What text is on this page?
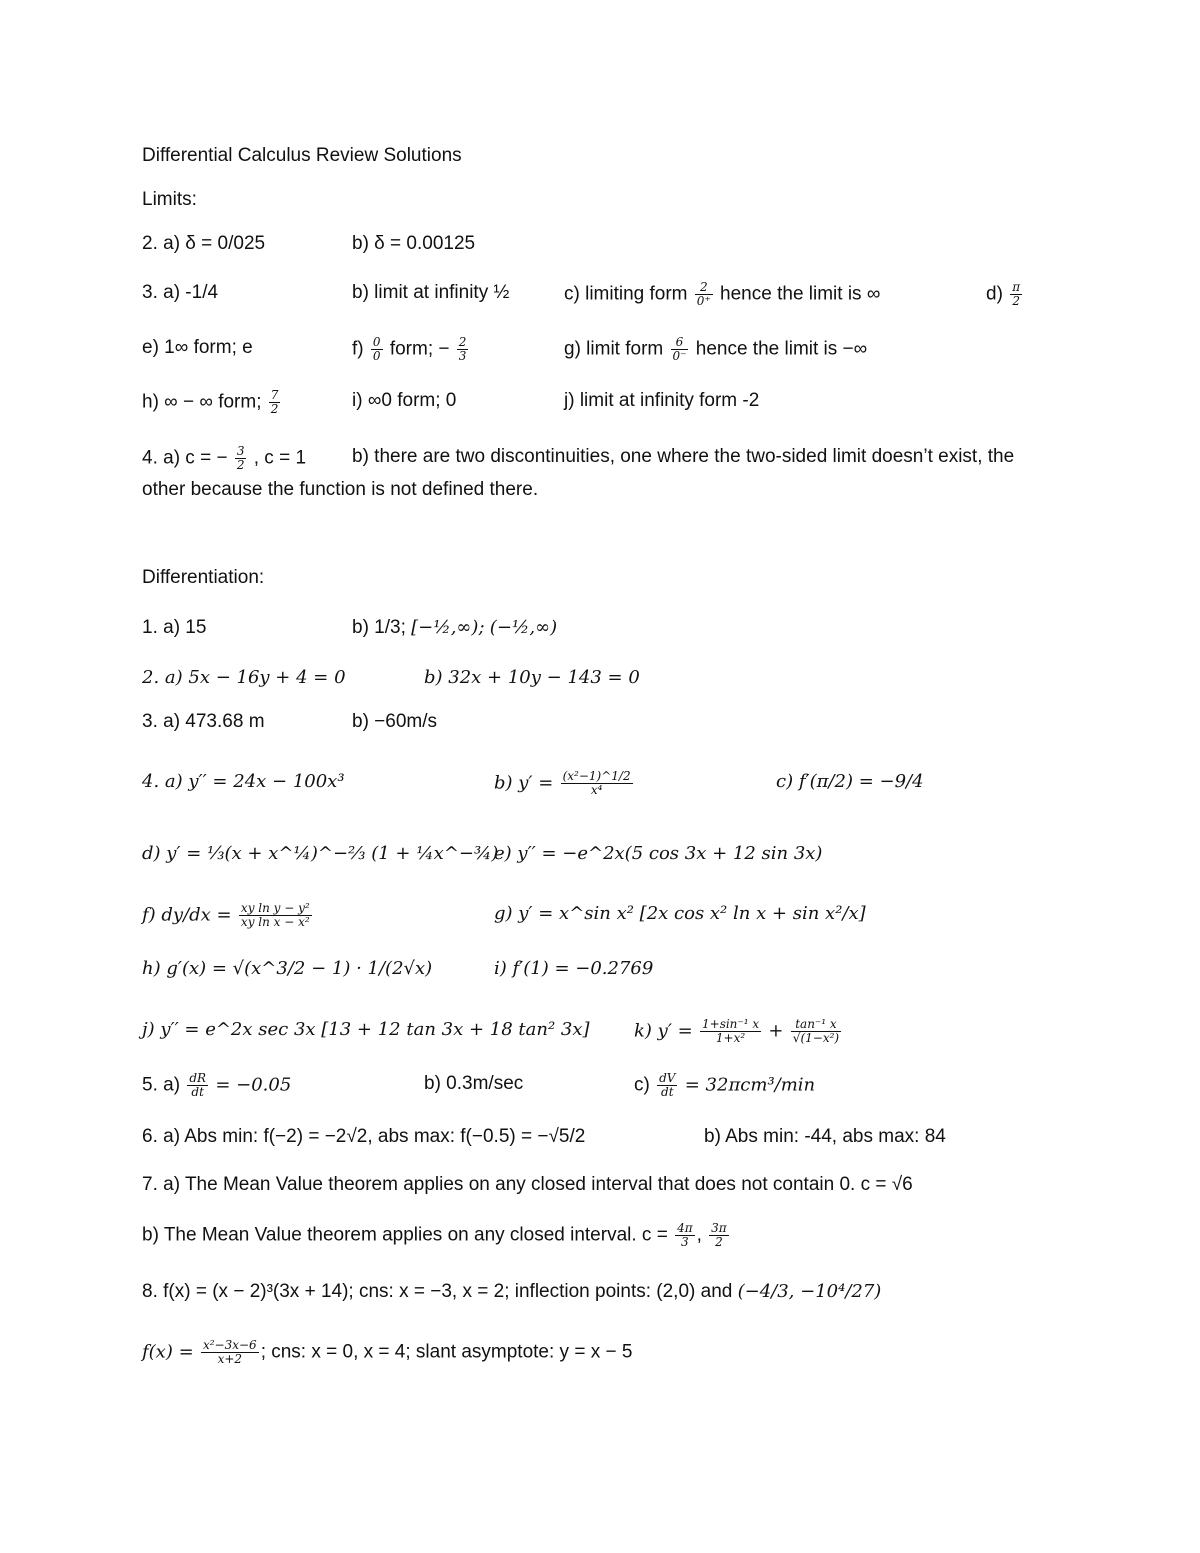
Differential Calculus Review Solutions
Limits:
2. a) δ = 0/025	b) δ = 0.00125
3. a) -1/4	b) limit at infinity ½	c) limiting form $\frac{2}{0^+}$ hence the limit is ∞	$d) \frac{\pi}{2}$
e) 1∞ form; e	$f) \frac{0}{0}$ form; − $\frac{2}{3}$	g) limit form $\frac{6}{0^-}$ hence the limit is −∞
h) ∞ − ∞ form; $\frac{7}{2}$	i) ∞0 form; 0	j) limit at infinity form -2
4. a) c = − $\frac{3}{2}$ , c = 1 b) there are two discontinuities, one where the two-sided limit doesn’t exist, the
other because the function is not defined there.
Differentiation:
1. a) 15	b) 1/3; [−½,∞); (−½,∞)
2. a) 5x − 16y + 4 = 0	b) 32x + 10y − 143 = 0
3. a) 473.68 m	b) −60m/s
4. a) y′′ = 24x − 100x³	b) $y' = \frac{\text{(x²−1)\textasciicircum{}1/2}}{\text{x⁴}}$	c) f′(π/2) = −9/4
d) y′ = ⅓(x + x^¼)^−⅔ (1 + ¼x^−¾)
e) y′′ = −e^2x(5 cos 3x + 12 sin 3x)
f) $dy/dx = \frac{\text{xy ln y − y²}}{\text{xy ln x − x²}}$	g) y′ = x^sin x² [2x cos x² ln x + sin x²/x]
h) g′(x) = √(x^3/2 − 1) · 1/(2√x)	i) f′(1) = −0.2769
j) y′′ = e^2x sec 3x [13 + 12 tan 3x + 18 tan² 3x] k) $y' = \frac{\text{1+sin⁻¹ x}}{\text{1+x²}} + \frac{\text{tan⁻¹ x}}{\text{√(1−x²)}}$
5. $a) \frac{dR}{dt} = -0.05$	b) 0.3m/sec	$c) \frac{dV}{dt} = 32\pi cm^3/\min$
6. a) Abs min: f(−2) = −2√2, abs max: f(−0.5) = −√5/2	b) Abs min: -44, abs max: 84
7. a) The Mean Value theorem applies on any closed interval that does not contain 0. c = √6
b) The Mean Value theorem applies on any closed interval. $c = \frac{4\pi}{3}$ , $\frac{3\pi}{2}$
8. f(x) = (x − 2)³(3x + 14); cns: x = −3, x = 2; inflection points: (2,0) and (−4/3, −10⁴/27)
$f(x) = \frac{\text{x²−3x−6}}{x+2}$ ; cns: x = 0, x = 4; slant asymptote: y = x − 5
